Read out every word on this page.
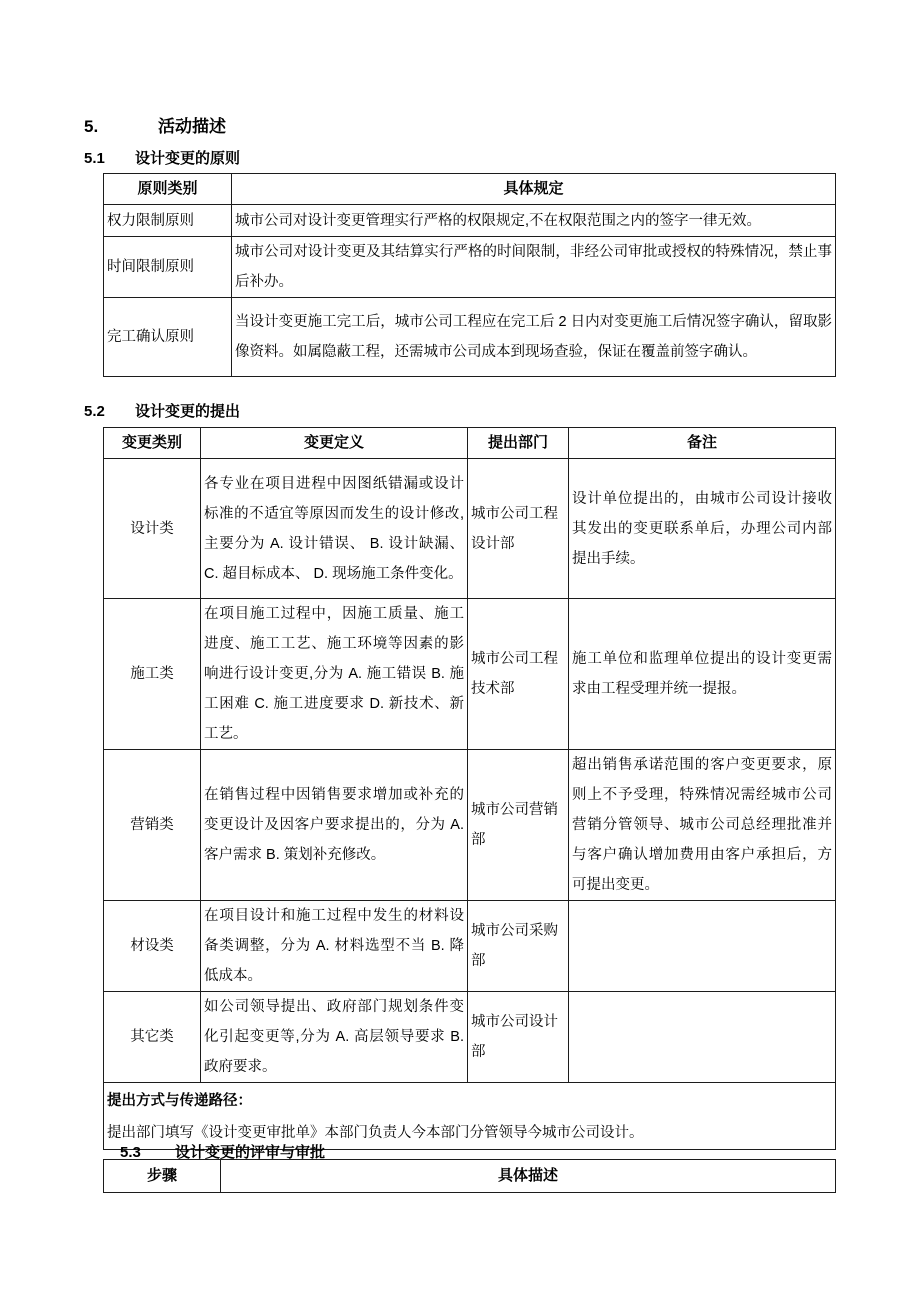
5.	活动描述
5.1 设计变更的原则
原则类别	具体规定
权力限制原则	城市公司对设计变更管理实行严格的权限规定,不在权限范围之内的签字一律无效。
时间限制原则	城市公司对设计变更及其结算实行严格的时间限制，非经公司审批或授权的特殊情况，禁止事后补办。
完工确认原则	当设计变更施工完工后，城市公司工程应在完工后 2 日内对变更施工后情况签字确认，留取影像资料。如属隐蔽工程，还需城市公司成本到现场查验，保证在覆盖前签字确认。
5.2 设计变更的提出
变更类别	变更定义	提出部门	备注
设计类	各专业在项目进程中因图纸错漏或设计标准的不适宜等原因而发生的设计修改,主要分为 A. 设计错误、 B. 设计缺漏、 C. 超目标成本、 D. 现场施工条件变化。	城市公司工程设计部	设计单位提出的，由城市公司设计接收其发出的变更联系单后，办理公司内部提出手续。
施工类	在项目施工过程中，因施工质量、施工进度、施工工艺、施工环境等因素的影响进行设计变更,分为 A. 施工错误 B. 施工困难 C. 施工进度要求 D. 新技术、新工艺。	城市公司工程技术部	施工单位和监理单位提出的设计变更需求由工程受理并统一提报。
营销类	在销售过程中因销售要求增加或补充的变更设计及因客户要求提出的，分为 A. 客户需求 B. 策划补充修改。	城市公司营销部	超出销售承诺范围的客户变更要求，原则上不予受理，特殊情况需经城市公司营销分管领导、城市公司总经理批准并与客户确认增加费用由客户承担后，方可提出变更。
材设类	在项目设计和施工过程中发生的材料设备类调整，分为 A. 材料选型不当 B. 降低成本。	城市公司采购部	
其它类	如公司领导提出、政府部门规划条件变化引起变更等,分为 A. 高层领导要求 B. 政府要求。	城市公司设计部	

提出方式与传递路径：
提出部门填写《设计变更审批单》本部门负责人今本部门分管领导今城市公司设计。			
5.3 设计变更的评审与审批
步骤	具体描述
